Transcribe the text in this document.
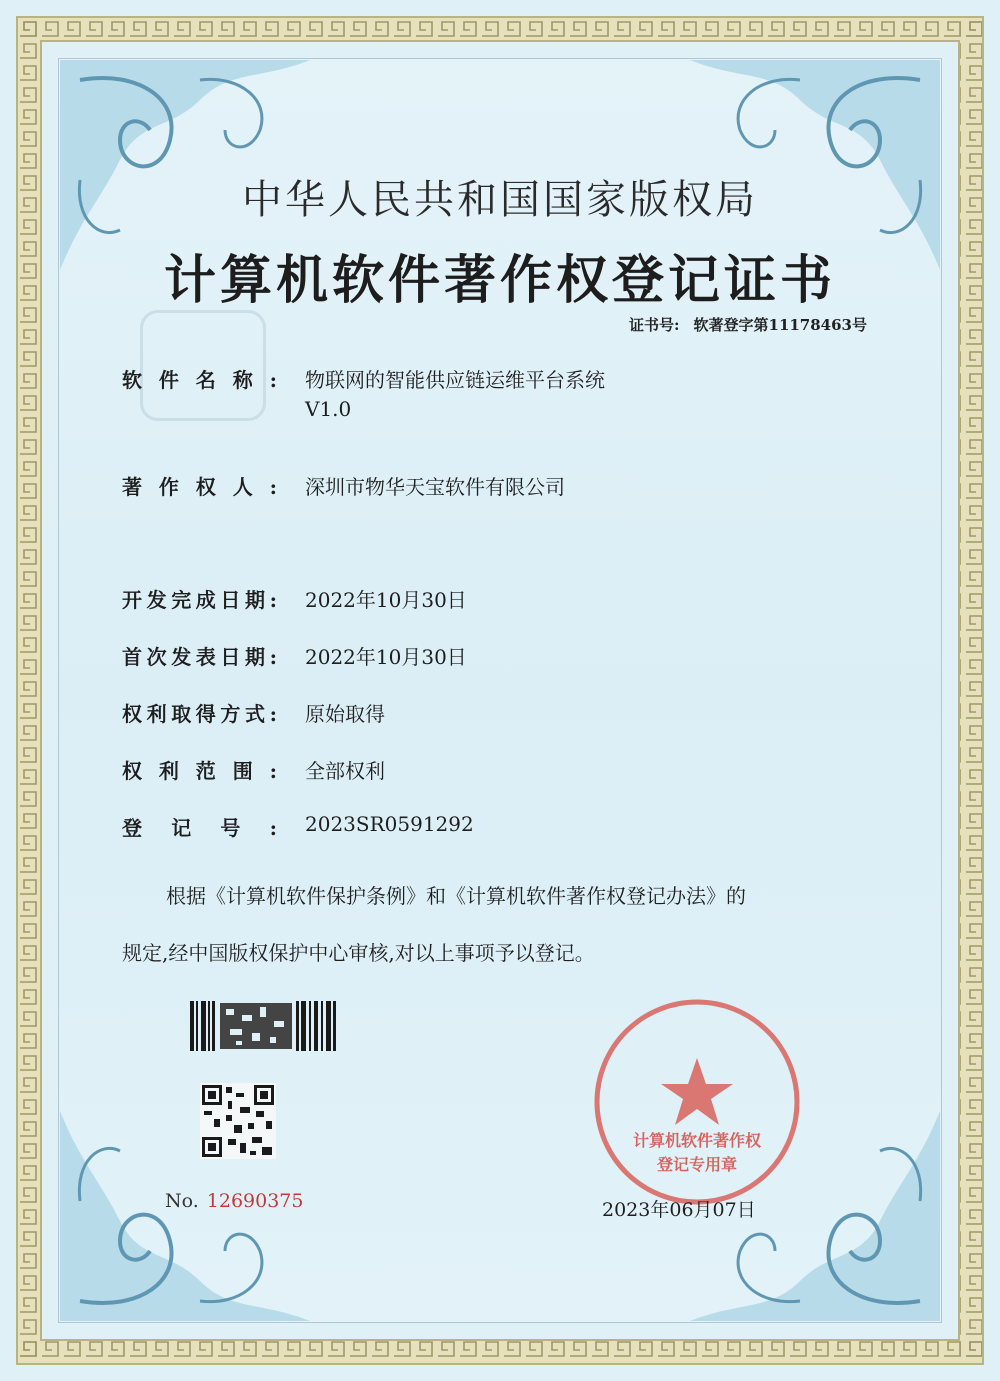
中华人民共和国国家版权局
计算机软件著作权登记证书
证书号: 软著登字第11178463号
软件名称: 物联网的智能供应链运维平台系统
V1.0
著作权人: 深圳市物华天宝软件有限公司
开发完成日期: 2022年10月30日
首次发表日期: 2022年10月30日
权利取得方式: 原始取得
权利范围: 全部权利
登记号: 2023SR0591292
根据《计算机软件保护条例》和《计算机软件著作权登记办法》的
规定,经中国版权保护中心审核,对以上事项予以登记。
No. 12690375
计算机软件著作权
登记专用章
2023年06月07日
